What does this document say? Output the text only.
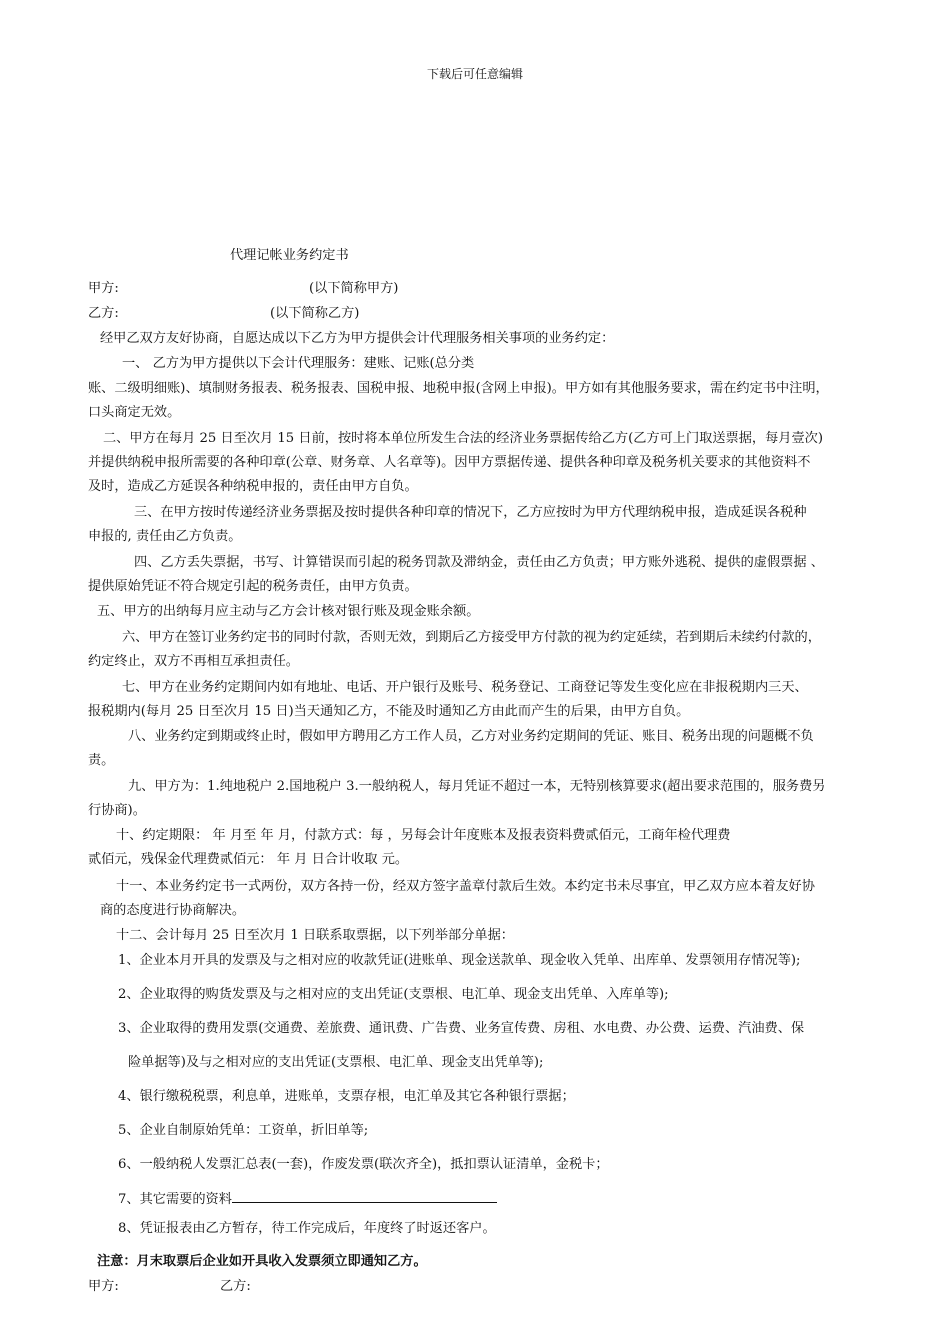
下载后可任意编辑

代理记帐业务约定书

甲方:	(以下简称甲方)

乙方:	(以下简称乙方)

经甲乙双方友好协商，自愿达成以下乙方为甲方提供会计代理服务相关事项的业务约定：

一、 乙方为甲方提供以下会计代理服务：建账、记账(总分类

账、二级明细账)、填制财务报表、税务报表、国税申报、地税申报(含网上申报)。甲方如有其他服务要求，需在约定书中注明，

口头商定无效。

二、甲方在每月 25 日至次月 15 日前，按时将本单位所发生合法的经济业务票据传给乙方(乙方可上门取送票据，每月壹次)

并提供纳税申报所需要的各种印章(公章、财务章、人名章等)。因甲方票据传递、提供各种印章及税务机关要求的其他资料不

及时，造成乙方延误各种纳税申报的，责任由甲方自负。

三、在甲方按时传递经济业务票据及按时提供各种印章的情况下，乙方应按时为甲方代理纳税申报，造成延误各税种

申报的, 责任由乙方负责。

四、乙方丢失票据，书写、计算错误而引起的税务罚款及滞纳金，责任由乙方负责；甲方账外逃税、提供的虚假票据 、

提供原始凭证不符合规定引起的税务责任，由甲方负责。

五、甲方的出纳每月应主动与乙方会计核对银行账及现金账余额。

六、甲方在签订业务约定书的同时付款，否则无效，到期后乙方接受甲方付款的视为约定延续，若到期后未续约付款的，

约定终止，双方不再相互承担责任。

七、甲方在业务约定期间内如有地址、电话、开户银行及账号、税务登记、工商登记等发生变化应在非报税期内三天、

报税期内(每月 25 日至次月 15 日)当天通知乙方，不能及时通知乙方由此而产生的后果，由甲方自负。

八、业务约定到期或终止时，假如甲方聘用乙方工作人员，乙方对业务约定期间的凭证、账目、税务出现的问题概不负

责。

九、甲方为：1.纯地税户 2.国地税户 3.一般纳税人，每月凭证不超过一本，无特别核算要求(超出要求范围的，服务费另

行协商)。

十、约定期限： 年 月至 年 月，付款方式：每 ，另每会计年度账本及报表资料费贰佰元，工商年检代理费

贰佰元，残保金代理费贰佰元： 年 月 日合计收取 元。

十一、本业务约定书一式两份，双方各持一份，经双方签字盖章付款后生效。本约定书未尽事宜，甲乙双方应本着友好协

商的态度进行协商解决。

十二、会计每月 25 日至次月 1 日联系取票据，以下列举部分单据：

1、企业本月开具的发票及与之相对应的收款凭证(进账单、现金送款单、现金收入凭单、出库单、发票领用存情况等);

2、企业取得的购货发票及与之相对应的支出凭证(支票根、电汇单、现金支出凭单、入库单等);

3、企业取得的费用发票(交通费、差旅费、通讯费、广告费、业务宣传费、房租、水电费、办公费、运费、汽油费、保

险单据等)及与之相对应的支出凭证(支票根、电汇单、现金支出凭单等);

4、银行缴税税票，利息单，进账单，支票存根，电汇单及其它各种银行票据；

5、企业自制原始凭单：工资单，折旧单等;

6、一般纳税人发票汇总表(一套)，作废发票(联次齐全)，抵扣票认证清单，金税卡；

7、其它需要的资料

8、凭证报表由乙方暂存，待工作完成后，年度终了时返还客户。

注意：月末取票后企业如开具收入发票须立即通知乙方。

甲方:	乙方:
